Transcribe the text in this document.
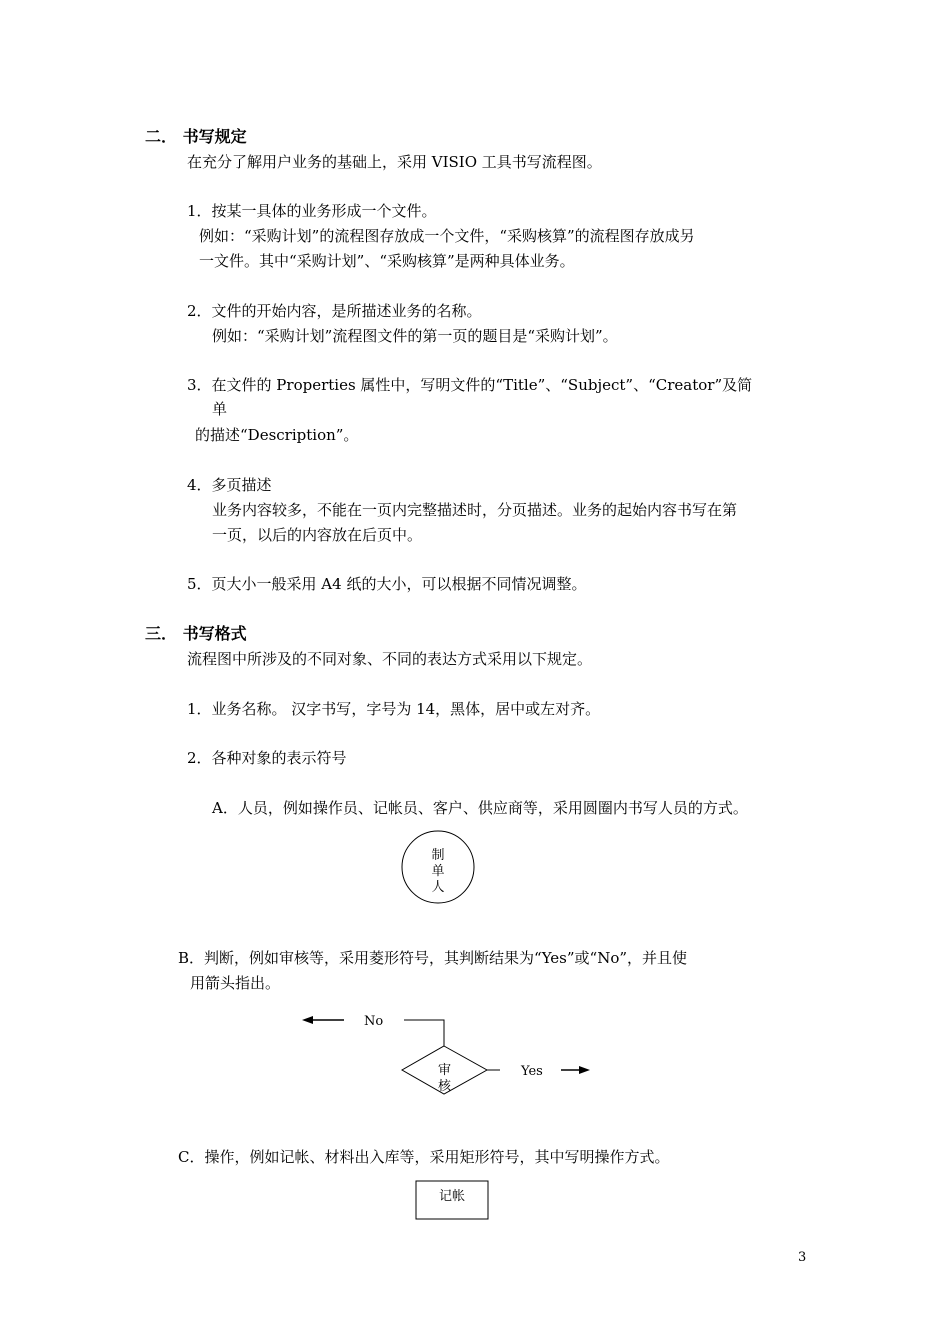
二． 书写规定
在充分了解用户业务的基础上，采用 VISIO 工具书写流程图。
1．按某一具体的业务形成一个文件。
例如：“采购计划”的流程图存放成一个文件，“采购核算”的流程图存放成另
一文件。其中“采购计划”、“采购核算”是两种具体业务。
2．文件的开始内容，是所描述业务的名称。
例如：“采购计划”流程图文件的第一页的题目是“采购计划”。
3．在文件的 Properties 属性中，写明文件的“Title”、“Subject”、“Creator”及简
单
的描述“Description”。
4．多页描述
业务内容较多，不能在一页内完整描述时，分页描述。业务的起始内容书写在第
一页，以后的内容放在后页中。
5．页大小一般采用 A4 纸的大小，可以根据不同情况调整。
三． 书写格式
流程图中所涉及的不同对象、不同的表达方式采用以下规定。
1．业务名称。 汉字书写，字号为 14，黑体，居中或左对齐。
2．各种对象的表示符号
A．人员，例如操作员、记帐员、客户、供应商等，采用圆圈内书写人员的方式。
制
单
人
B．判断，例如审核等，采用菱形符号，其判断结果为“Yes”或“No”，并且使
用箭头指出。
No
Yes
审
核
C．操作，例如记帐、材料出入库等，采用矩形符号，其中写明操作方式。
记帐
3
